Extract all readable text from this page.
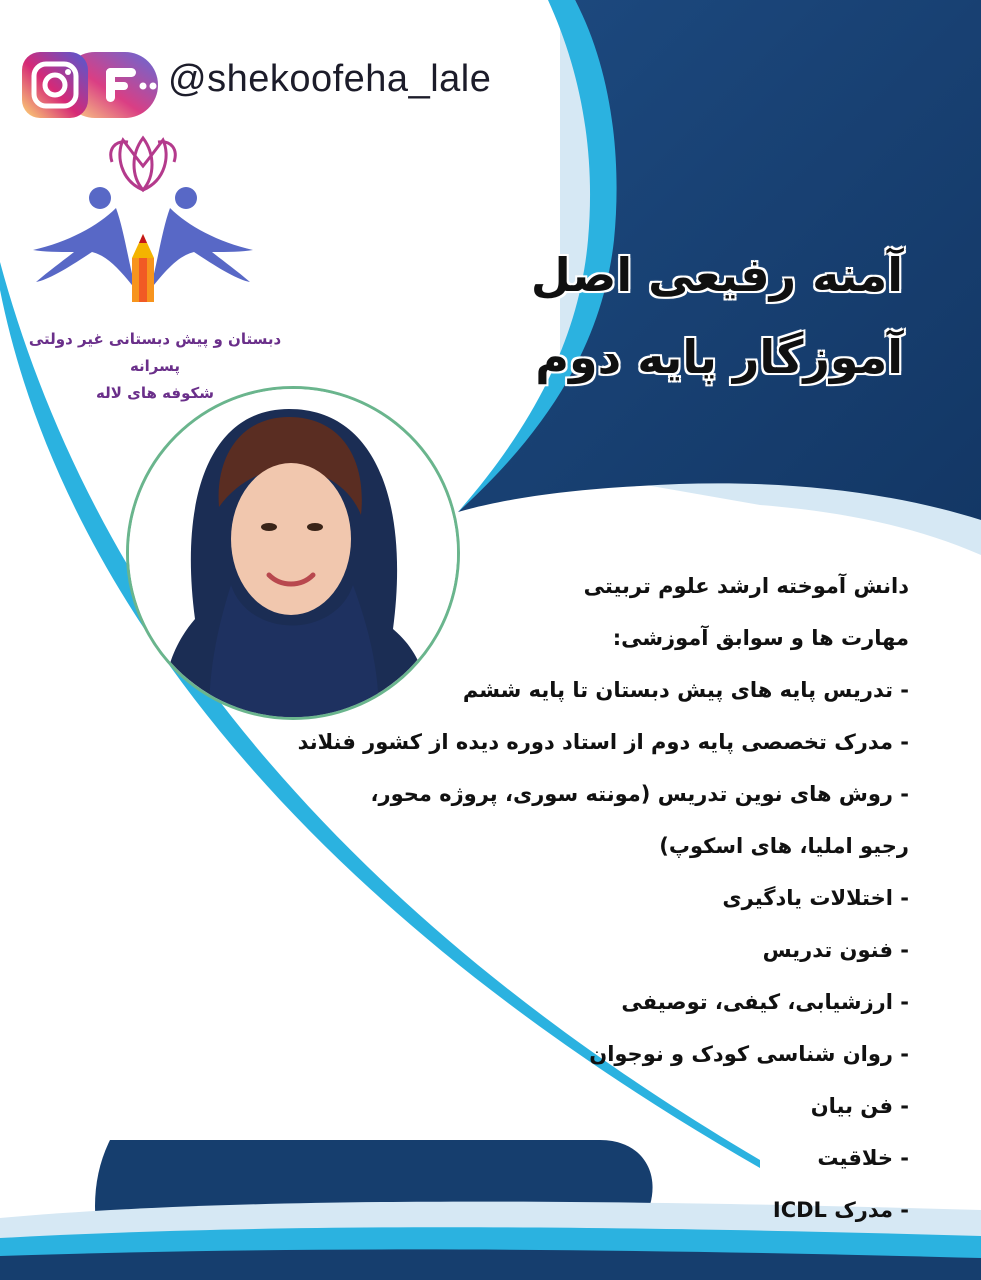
@shekoofeha_lale
دبستان و پیش دبستانی غیر دولتی پسرانه
شکوفه های لاله
آمنه رفیعی اصل
آموزگار پایه دوم
دانش آموخته ارشد علوم تربیتی
مهارت ها و سوابق آموزشی:
- تدریس پایه های پیش دبستان تا پایه ششم
- مدرک تخصصی پایه دوم از استاد دوره دیده از کشور فنلاند
- روش های نوین تدریس (مونته سوری، پروژه محور،
رجیو املیا، های اسکوپ)
- اختلالات یادگیری
- فنون تدریس
- ارزشیابی، کیفی، توصیفی
- روان شناسی کودک و نوجوان
- فن بیان
- خلاقیت
- مدرک ICDL
